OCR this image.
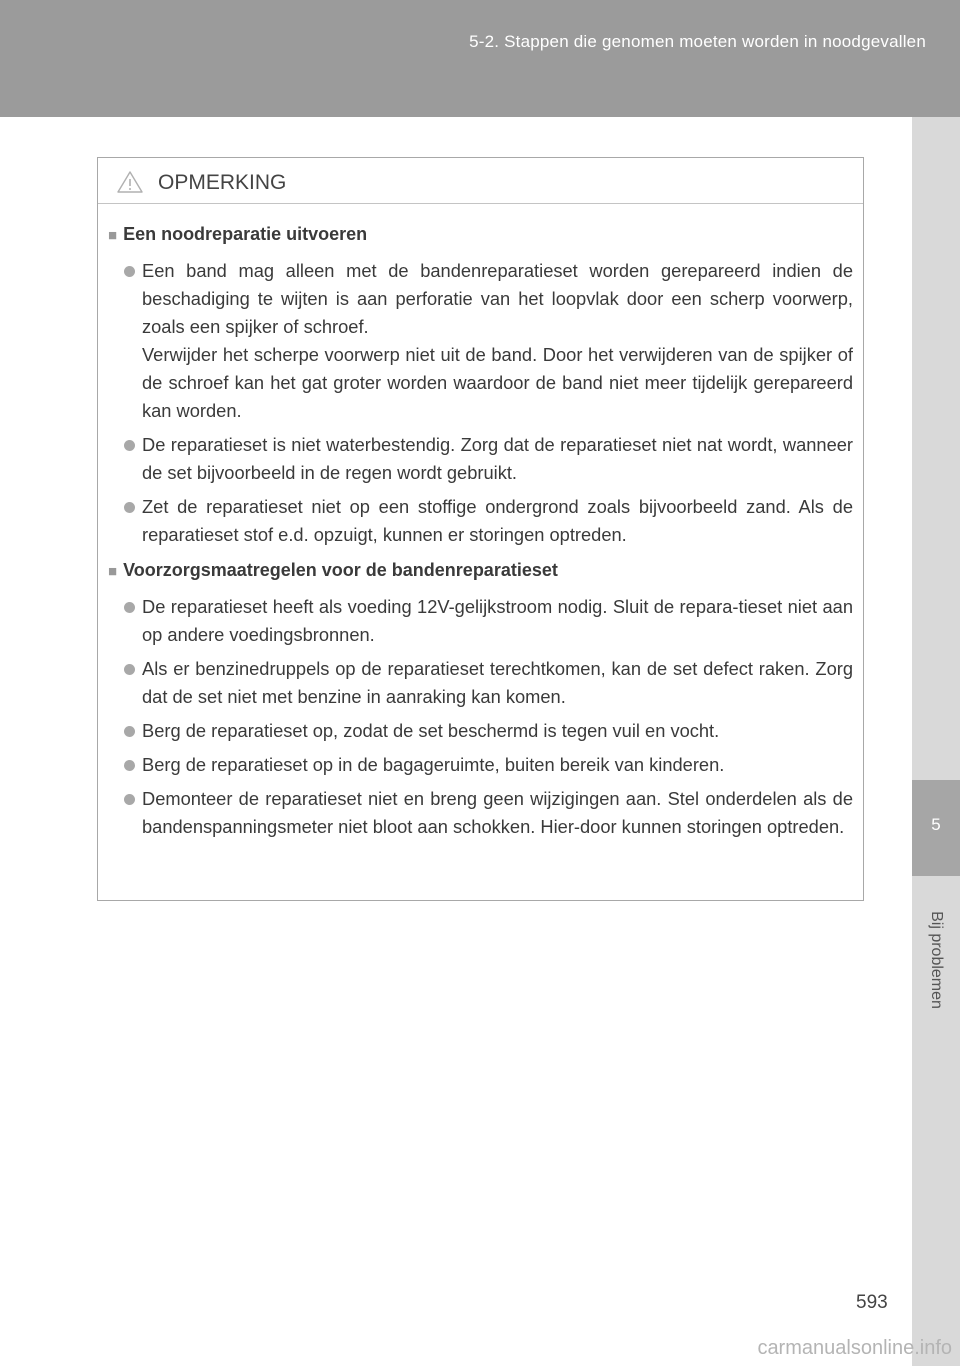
5-2. Stappen die genomen moeten worden in noodgevallen
5
Bij problemen
OPMERKING
■ Een noodreparatie uitvoeren
Een band mag alleen met de bandenreparatieset worden gerepareerd indien de beschadiging te wijten is aan perforatie van het loopvlak door een scherp voorwerp, zoals een spijker of schroef.
Verwijder het scherpe voorwerp niet uit de band. Door het verwijderen van de spijker of de schroef kan het gat groter worden waardoor de band niet meer tijdelijk gerepareerd kan worden.
De reparatieset is niet waterbestendig. Zorg dat de reparatieset niet nat wordt, wanneer de set bijvoorbeeld in de regen wordt gebruikt.
Zet de reparatieset niet op een stoffige ondergrond zoals bijvoorbeeld zand. Als de reparatieset stof e.d. opzuigt, kunnen er storingen optreden.
■ Voorzorgsmaatregelen voor de bandenreparatieset
De reparatieset heeft als voeding 12V-gelijkstroom nodig. Sluit de repara-tieset niet aan op andere voedingsbronnen.
Als er benzinedruppels op de reparatieset terechtkomen, kan de set defect raken. Zorg dat de set niet met benzine in aanraking kan komen.
Berg de reparatieset op, zodat de set beschermd is tegen vuil en vocht.
Berg de reparatieset op in de bagageruimte, buiten bereik van kinderen.
Demonteer de reparatieset niet en breng geen wijzigingen aan. Stel onderdelen als de bandenspanningsmeter niet bloot aan schokken. Hier-door kunnen storingen optreden.
593
carmanualsonline.info
